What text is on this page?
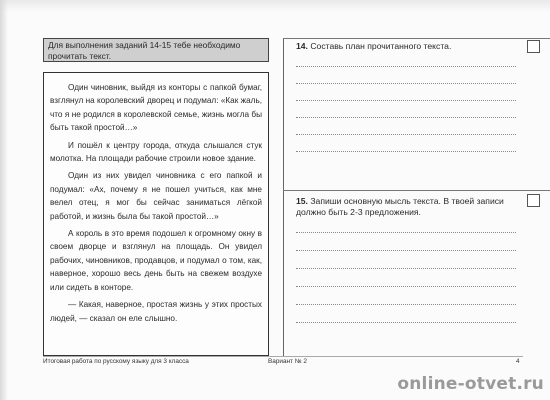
Для выполнения заданий 14-15 тебе необходимо прочитать текст.

Один чиновник, выйдя из конторы с папкой бумаг, взглянул на королевский дворец и подумал: «Как жаль, что я не родился в королевской семье, жизнь могла бы быть такой простой…»

И пошёл к центру города, откуда слышался стук молотка. На площади рабочие строили новое здание.

Один из них увидел чиновника с его папкой и подумал: «Ах, почему я не пошел учиться, как мне велел отец, я мог бы сейчас заниматься лёгкой работой, и жизнь была бы такой простой…»

А король в это время подошел к огромному окну в своем дворце и взглянул на площадь. Он увидел рабочих, чиновников, продавцов, и подумал о том, как, наверное, хорошо весь день быть на свежем воздухе или сидеть в конторе.

— Какая, наверное, простая жизнь у этих простых людей, — сказал он еле слышно.

14. Составь план прочитанного текста.
15. Запиши основную мысль текста. В твоей записи должно быть 2-3 предложения.
Итоговая работа по русскому языку для 3 класса	Вариант № 2	4
online-otvet.ru
